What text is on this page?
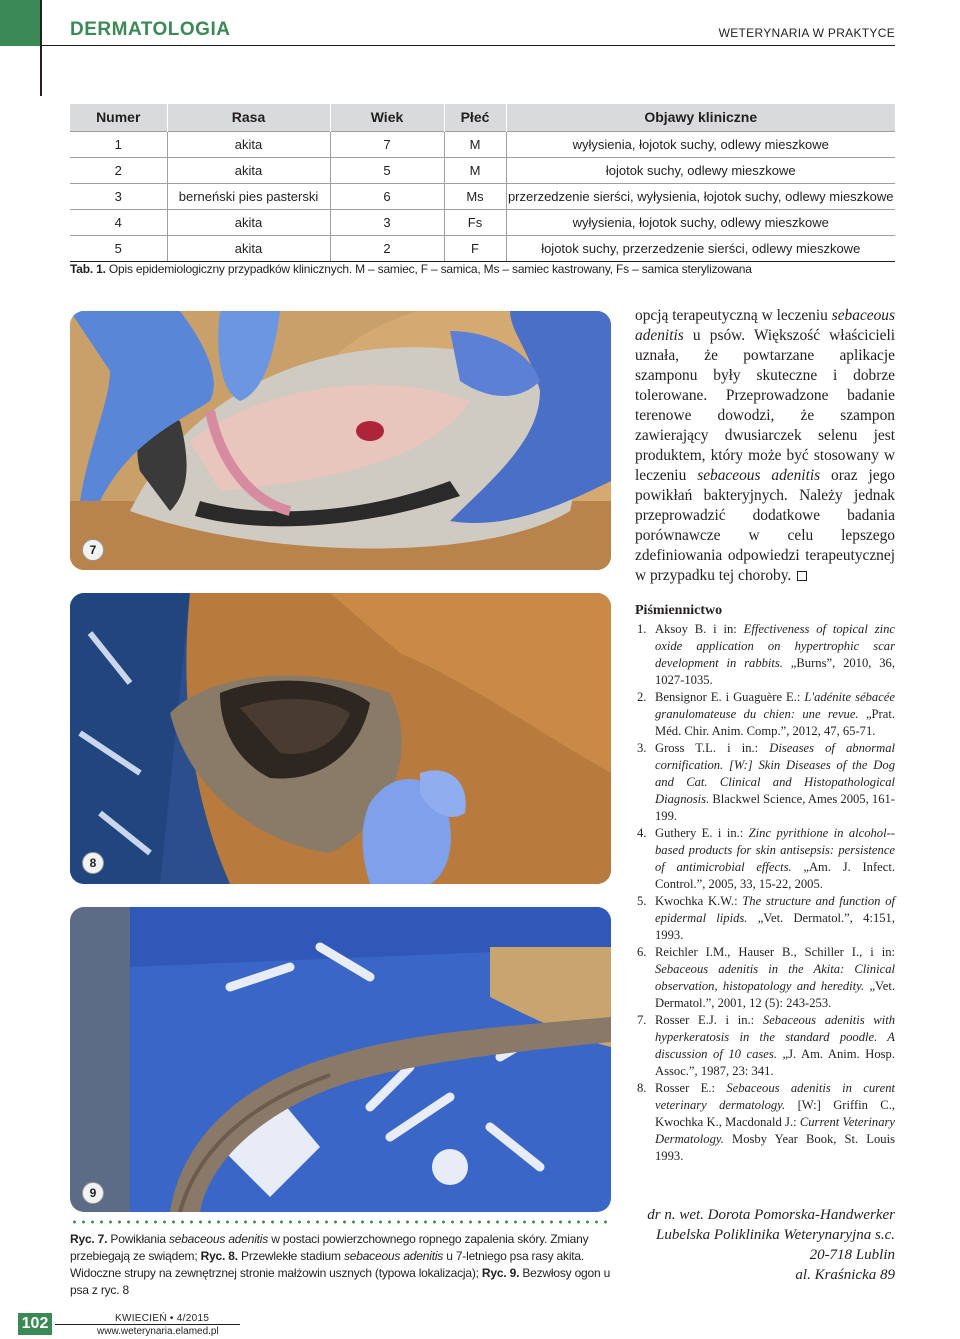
DERMATOLOGIA	WETERYNARIA W PRAKTYCE
Numer	Rasa	Wiek	Płeć	Objawy kliniczne
1	akita	7	M	wyłysienia, łojotok suchy, odlewy mieszkowe
2	akita	5	M	łojotok suchy, odlewy mieszkowe
3	berneński pies pasterski	6	Ms	przerzedzenie sierści, wyłysienia, łojotok suchy, odlewy mieszkowe
4	akita	3	Fs	wyłysienia, łojotok suchy, odlewy mieszkowe
5	akita	2	F	łojotok suchy, przerzedzenie sierści, odlewy mieszkowe
Tab. 1. Opis epidemiologiczny przypadków klinicznych. M – samiec, F – samica, Ms – samiec kastrowany, Fs – samica sterylizowana
7
8
9
opcją terapeutyczną w leczeniu sebaceous adenitis u psów. Większość właścicieli uznała, że powtarzane aplikacje szamponu były skuteczne i dobrze tolerowane. Przeprowadzone badanie terenowe dowodzi, że szampon zawierający dwusiarczek selenu jest produktem, który może być stosowany w leczeniu sebaceous adenitis oraz jego powikłań bakteryjnych. Należy jednak przeprowadzić dodatkowe badania porównawcze w celu lepszego zdefiniowania odpowiedzi terapeutycznej w przypadku tej choroby.
Piśmiennictwo
1. Aksoy B. i in: Effectiveness of topical zinc oxide application on hypertrophic scar development in rabbits. „Burns”, 2010, 36, 1027-1035.
2. Bensignor E. i Guaguère E.: L'adénite sébacée granulomateuse du chien: une revue. „Prat. Méd. Chir. Anim. Comp.”, 2012, 47, 65-71.
3. Gross T.L. i in.: Diseases of abnormal cornification. [W:] Skin Diseases of the Dog and Cat. Clinical and Histopathological Diagnosis. Blackwel Science, Ames 2005, 161-199.
4. Guthery E. i in.: Zinc pyrithione in alcohol--based products for skin antisepsis: persistence of antimicrobial effects. „Am. J. Infect. Control.”, 2005, 33, 15-22, 2005.
5. Kwochka K.W.: The structure and function of epidermal lipids. „Vet. Dermatol.”, 4:151, 1993.
6. Reichler I.M., Hauser B., Schiller I., i in: Sebaceous adenitis in the Akita: Clinical observation, histopatology and heredity. „Vet. Dermatol.”, 2001, 12 (5): 243-253.
7. Rosser E.J. i in.: Sebaceous adenitis with hyperkeratosis in the standard poodle. A discussion of 10 cases. „J. Am. Anim. Hosp. Assoc.”, 1987, 23: 341.
8. Rosser E.: Sebaceous adenitis in curent veterinary dermatology. [W:] Griffin C., Kwochka K., Macdonald J.: Current Veterinary Dermatology. Mosby Year Book, St. Louis 1993.
dr n. wet. Dorota Pomorska-Handwerker
Lubelska Poliklinika Weterynaryjna s.c.
20-718 Lublin
al. Kraśnicka 89
Ryc. 7. Powikłania sebaceous adenitis w postaci powierzchownego ropnego zapalenia skóry. Zmiany przebiegają ze swiądem; Ryc. 8. Przewlekłe stadium sebaceous adenitis u 7-letniego psa rasy akita. Widoczne strupy na zewnętrznej stronie małżowin usznych (typowa lokalizacja); Ryc. 9. Bezwłosy ogon u psa z ryc. 8
102	KWIECIEŃ • 4/2015
www.weterynaria.elamed.pl
